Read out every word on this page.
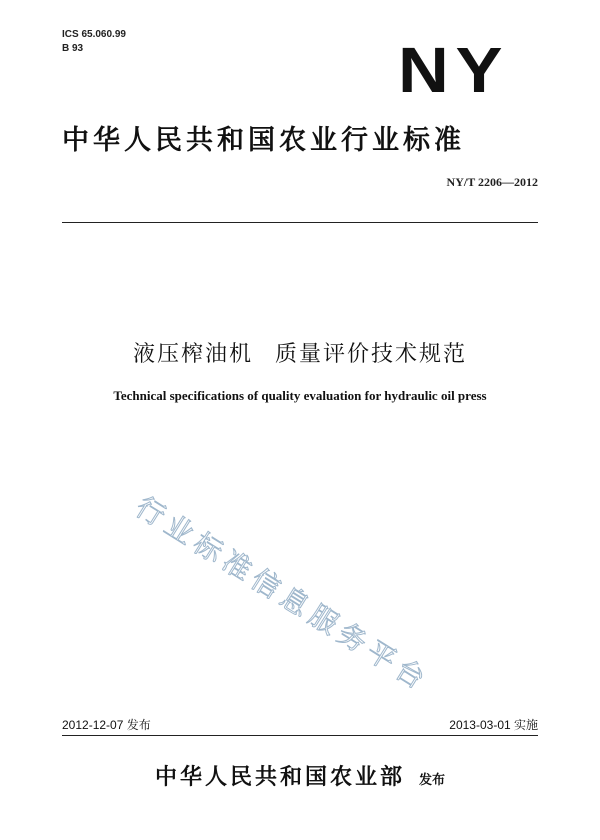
ICS 65.060.99
B 93	NY
中华人民共和国农业行业标准
NY/T 2206—2012
液压榨油机 质量评价技术规范
Technical specifications of quality evaluation for hydraulic oil press
行业标准信息服务平台
2012-12-07 发布	2013-03-01 实施
中华人民共和国农业部 发布
